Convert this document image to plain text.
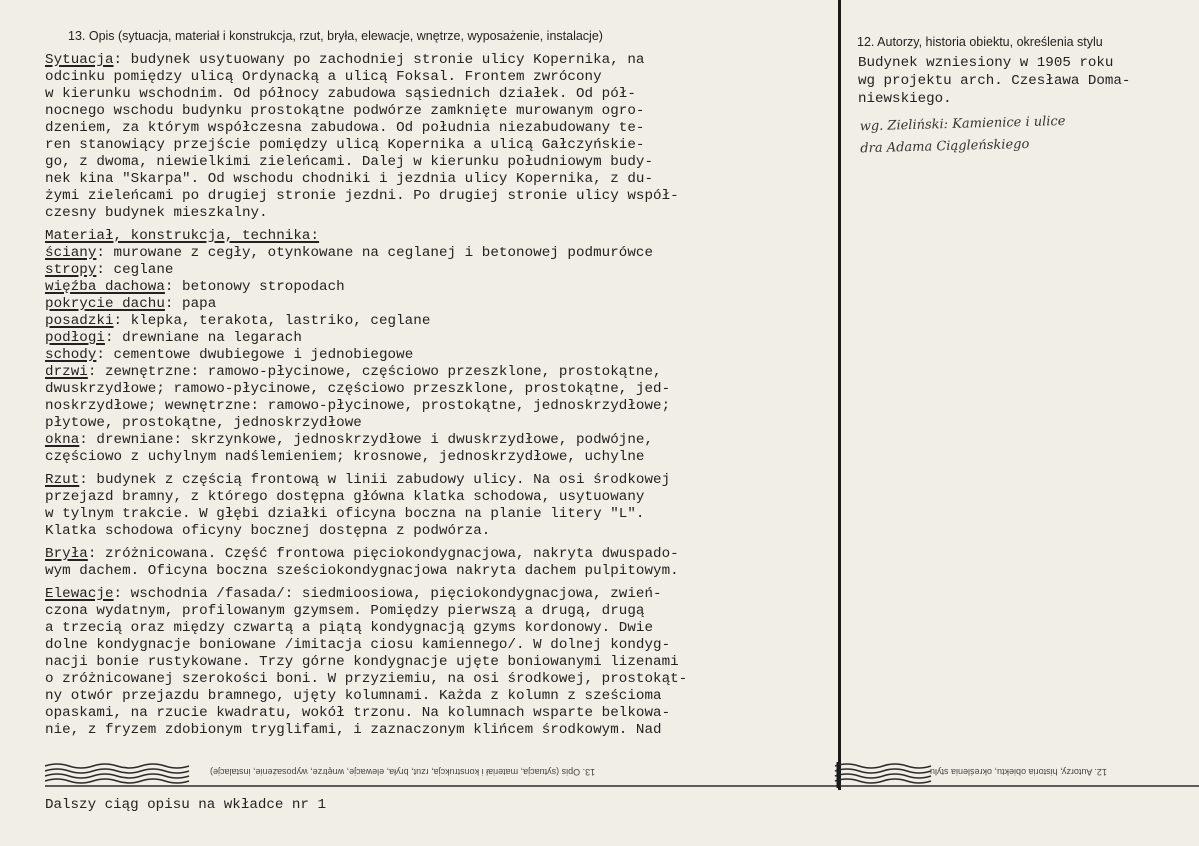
13. Opis (sytuacja, materiał i konstrukcja, rzut, bryła, elewacje, wnętrze, wyposażenie, instalacje)	12. Autorzy, historia obiektu, określenia stylu
Sytuacja: budynek usytuowany po zachodniej stronie ulicy Kopernika, na
odcinku pomiędzy ulicą Ordynacką a ulicą Foksal. Frontem zwrócony
w kierunku wschodnim. Od północy zabudowa sąsiednich działek. Od pół-
nocnego wschodu budynku prostokątne podwórze zamknięte murowanym ogro-
dzeniem, za którym współczesna zabudowa. Od południa niezabudowany te-
ren stanowiący przejście pomiędzy ulicą Kopernika a ulicą Gałczyńskie-
go, z dwoma, niewielkimi zieleńcami. Dalej w kierunku południowym budy-
nek kina "Skarpa". Od wschodu chodniki i jezdnia ulicy Kopernika, z du-
żymi zieleńcami po drugiej stronie jezdni. Po drugiej stronie ulicy współ-
czesny budynek mieszkalny.
Materiał, konstrukcja, technika:
ściany: murowane z cegły, otynkowane na ceglanej i betonowej podmurówce
stropy: ceglane
więźba dachowa: betonowy stropodach
pokrycie dachu: papa
posadzki: klepka, terakota, lastriko, ceglane
podłogi: drewniane na legarach
schody: cementowe dwubiegowe i jednobiegowe
drzwi: zewnętrzne: ramowo-płycinowe, częściowo przeszklone, prostokątne,
dwuskrzydłowe; ramowo-płycinowe, częściowo przeszklone, prostokątne, jed-
noskrzydłowe; wewnętrzne: ramowo-płycinowe, prostokątne, jednoskrzydłowe;
płytowe, prostokątne, jednoskrzydłowe
okna: drewniane: skrzynkowe, jednoskrzydłowe i dwuskrzydłowe, podwójne,
częściowo z uchylnym nadślemieniem; krosnowe, jednoskrzydłowe, uchylne
Rzut: budynek z częścią frontową w linii zabudowy ulicy. Na osi środkowej
przejazd bramny, z którego dostępna główna klatka schodowa, usytuowany
w tylnym trakcie. W głębi działki oficyna boczna na planie litery "L".
Klatka schodowa oficyny bocznej dostępna z podwórza.
Bryła: zróżnicowana. Część frontowa pięciokondygnacjowa, nakryta dwuspado-
wym dachem. Oficyna boczna sześciokondygnacjowa nakryta dachem pulpitowym.
Elewacje: wschodnia /fasada/: siedmioosiowa, pięciokondygnacjowa, zwień-
czona wydatnym, profilowanym gzymsem. Pomiędzy pierwszą a drugą, drugą
a trzecią oraz między czwartą a piątą kondygnacją gzyms kordonowy. Dwie
dolne kondygnacje boniowane /imitacja ciosu kamiennego/. W dolnej kondyg-
nacji bonie rustykowane. Trzy górne kondygnacje ujęte boniowanymi lizenami
o zróżnicowanej szerokości boni. W przyziemiu, na osi środkowej, prostokąt-
ny otwór przejazdu bramnego, ujęty kolumnami. Każda z kolumn z sześcioma
opaskami, na rzucie kwadratu, wokół trzonu. Na kolumnach wsparte belkowa-
nie, z fryzem zdobionym tryglifami, i zaznaczonym klińcem środkowym. Nad
Budynek wzniesiony w 1905 roku
wg projektu arch. Czesława Doma-
niewskiego.
wg. Zieliński: Kamienice i ulice
dra Adama Ciągleńskiego
13. Opis (sytuacja, materiał i konstrukcja, rzut, bryła, elewacje, wnętrze, wyposażenie, instalacje)	12. Autorzy, historia obiektu, określenia stylu
Dalszy ciąg opisu na wkładce nr 1
